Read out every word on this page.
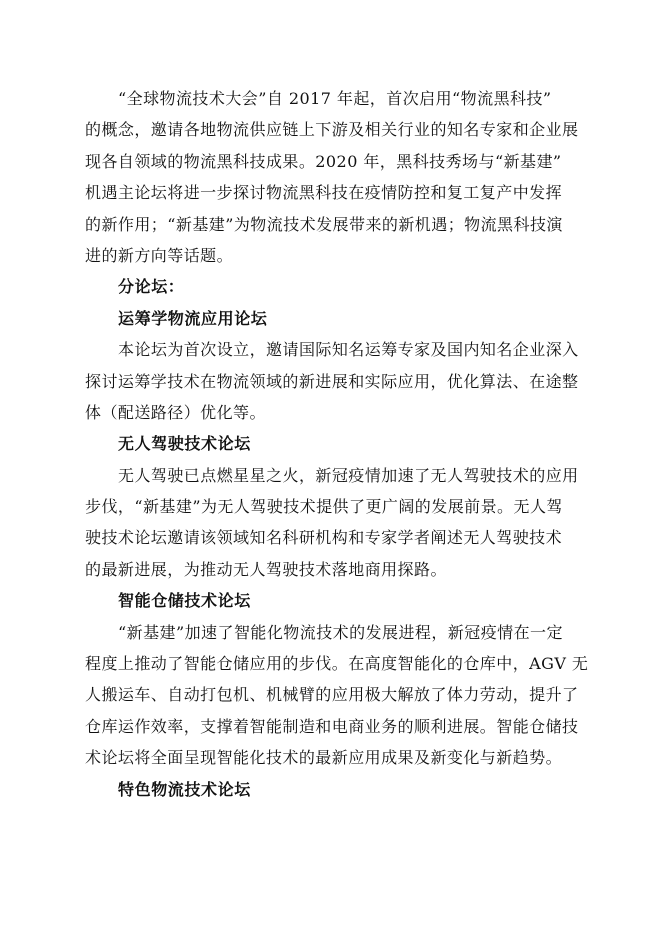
“全球物流技术大会”自 2017 年起，首次启用“物流黑科技”
的概念，邀请各地物流供应链上下游及相关行业的知名专家和企业展
现各自领域的物流黑科技成果。2020 年，黑科技秀场与“新基建”
机遇主论坛将进一步探讨物流黑科技在疫情防控和复工复产中发挥
的新作用；“新基建”为物流技术发展带来的新机遇；物流黑科技演
进的新方向等话题。
分论坛：
运筹学物流应用论坛
本论坛为首次设立，邀请国际知名运筹专家及国内知名企业深入
探讨运筹学技术在物流领域的新进展和实际应用，优化算法、在途整
体（配送路径）优化等。
无人驾驶技术论坛
无人驾驶已点燃星星之火，新冠疫情加速了无人驾驶技术的应用
步伐，“新基建”为无人驾驶技术提供了更广阔的发展前景。无人驾
驶技术论坛邀请该领域知名科研机构和专家学者阐述无人驾驶技术
的最新进展，为推动无人驾驶技术落地商用探路。
智能仓储技术论坛
“新基建”加速了智能化物流技术的发展进程，新冠疫情在一定
程度上推动了智能仓储应用的步伐。在高度智能化的仓库中，AGV 无
人搬运车、自动打包机、机械臂的应用极大解放了体力劳动，提升了
仓库运作效率，支撑着智能制造和电商业务的顺利进展。智能仓储技
术论坛将全面呈现智能化技术的最新应用成果及新变化与新趋势。
特色物流技术论坛
